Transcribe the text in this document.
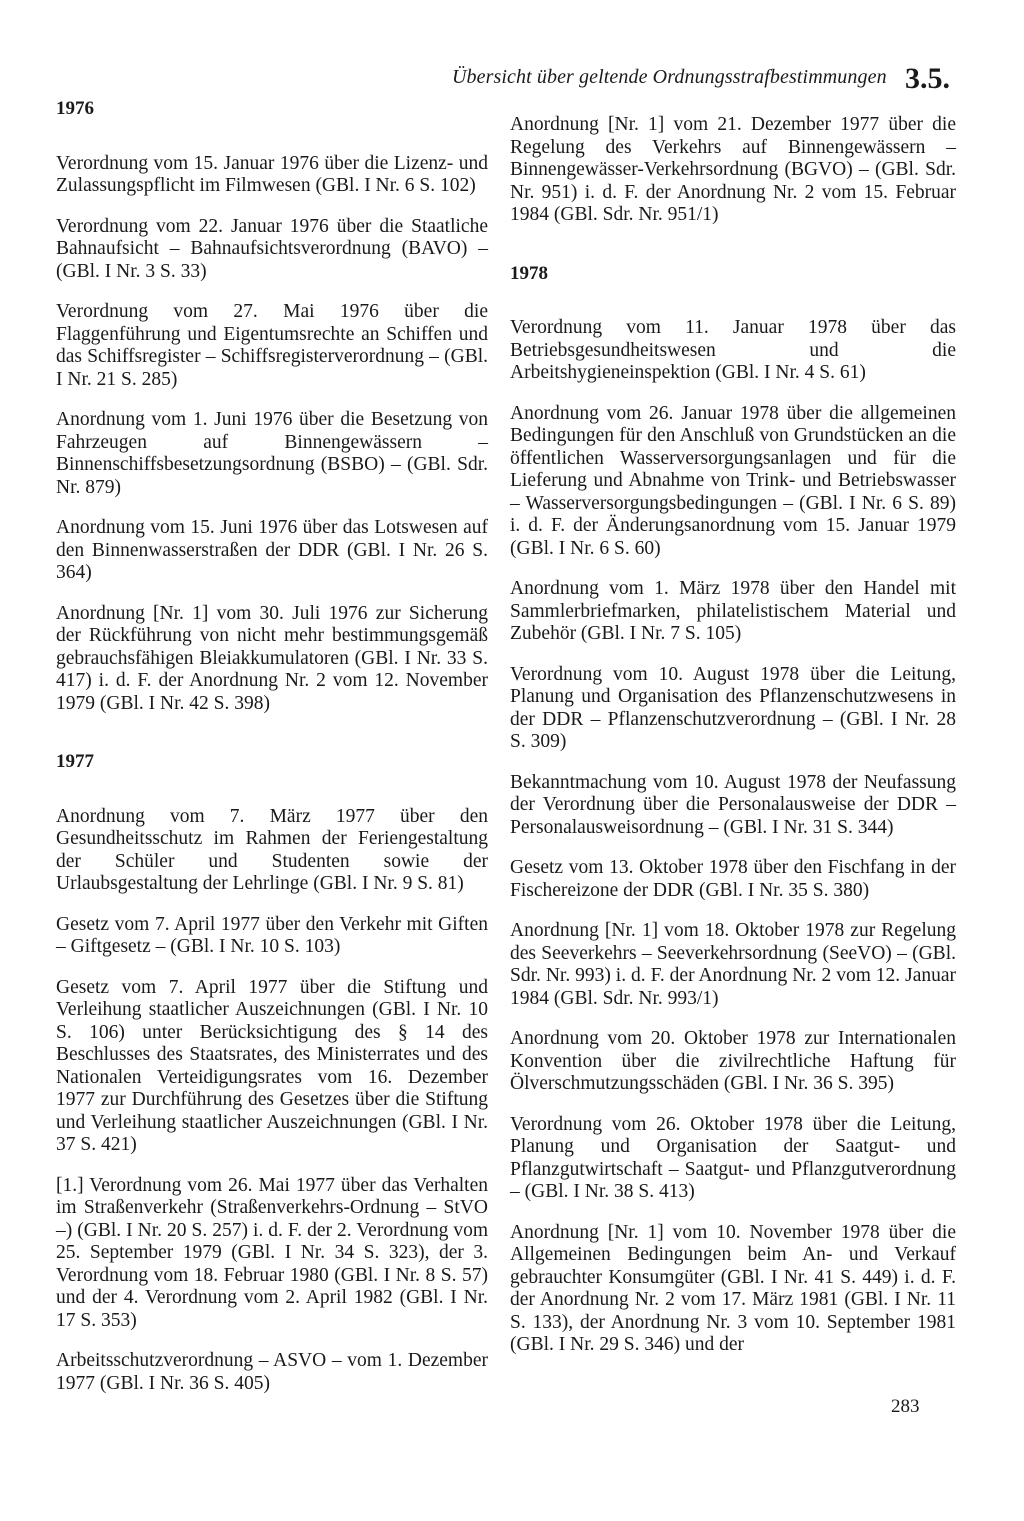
Übersicht über geltende Ordnungsstrafbestimmungen 3.5.
1976

Verordnung vom 15. Januar 1976 über die Lizenz- und Zulassungspflicht im Filmwesen (GBl. I Nr. 6 S. 102)

Verordnung vom 22. Januar 1976 über die Staatliche Bahnaufsicht – Bahnaufsichtsverordnung (BAVO) – (GBl. I Nr. 3 S. 33)

Verordnung vom 27. Mai 1976 über die Flaggenführung und Eigentumsrechte an Schiffen und das Schiffsregister – Schiffsregisterverordnung – (GBl. I Nr. 21 S. 285)

Anordnung vom 1. Juni 1976 über die Besetzung von Fahrzeugen auf Binnengewässern – Binnenschiffsbesetzungsordnung (BSBO) – (GBl. Sdr. Nr. 879)

Anordnung vom 15. Juni 1976 über das Lotswesen auf den Binnenwasserstraßen der DDR (GBl. I Nr. 26 S. 364)

Anordnung [Nr. 1] vom 30. Juli 1976 zur Sicherung der Rückführung von nicht mehr bestimmungsgemäß gebrauchsfähigen Bleiakkumulatoren (GBl. I Nr. 33 S. 417) i. d. F. der Anordnung Nr. 2 vom 12. November 1979 (GBl. I Nr. 42 S. 398)

1977

Anordnung vom 7. März 1977 über den Gesundheitsschutz im Rahmen der Feriengestaltung der Schüler und Studenten sowie der Urlaubsgestaltung der Lehrlinge (GBl. I Nr. 9 S. 81)

Gesetz vom 7. April 1977 über den Verkehr mit Giften – Giftgesetz – (GBl. I Nr. 10 S. 103)

Gesetz vom 7. April 1977 über die Stiftung und Verleihung staatlicher Auszeichnungen (GBl. I Nr. 10 S. 106) unter Berücksichtigung des § 14 des Beschlusses des Staatsrates, des Ministerrates und des Nationalen Verteidigungsrates vom 16. Dezember 1977 zur Durchführung des Gesetzes über die Stiftung und Verleihung staatlicher Auszeichnungen (GBl. I Nr. 37 S. 421)

[1.] Verordnung vom 26. Mai 1977 über das Verhalten im Straßenverkehr (Straßenverkehrs-Ordnung – StVO –) (GBl. I Nr. 20 S. 257) i. d. F. der 2. Verordnung vom 25. September 1979 (GBl. I Nr. 34 S. 323), der 3. Verordnung vom 18. Februar 1980 (GBl. I Nr. 8 S. 57) und der 4. Verordnung vom 2. April 1982 (GBl. I Nr. 17 S. 353)

Arbeitsschutzverordnung – ASVO – vom 1. Dezember 1977 (GBl. I Nr. 36 S. 405)

Anordnung [Nr. 1] vom 21. Dezember 1977 über die Regelung des Verkehrs auf Binnengewässern – Binnengewässer-Verkehrsordnung (BGVO) – (GBl. Sdr. Nr. 951) i. d. F. der Anordnung Nr. 2 vom 15. Februar 1984 (GBl. Sdr. Nr. 951/1)

1978

Verordnung vom 11. Januar 1978 über das Betriebsgesundheitswesen und die Arbeitshygieneinspektion (GBl. I Nr. 4 S. 61)

Anordnung vom 26. Januar 1978 über die allgemeinen Bedingungen für den Anschluß von Grundstücken an die öffentlichen Wasserversorgungsanlagen und für die Lieferung und Abnahme von Trink- und Betriebswasser – Wasserversorgungsbedingungen – (GBl. I Nr. 6 S. 89) i. d. F. der Änderungsanordnung vom 15. Januar 1979 (GBl. I Nr. 6 S. 60)

Anordnung vom 1. März 1978 über den Handel mit Sammlerbriefmarken, philatelistischem Material und Zubehör (GBl. I Nr. 7 S. 105)

Verordnung vom 10. August 1978 über die Leitung, Planung und Organisation des Pflanzenschutzwesens in der DDR – Pflanzenschutzverordnung – (GBl. I Nr. 28 S. 309)

Bekanntmachung vom 10. August 1978 der Neufassung der Verordnung über die Personalausweise der DDR – Personalausweisordnung – (GBl. I Nr. 31 S. 344)

Gesetz vom 13. Oktober 1978 über den Fischfang in der Fischereizone der DDR (GBl. I Nr. 35 S. 380)

Anordnung [Nr. 1] vom 18. Oktober 1978 zur Regelung des Seeverkehrs – Seeverkehrsordnung (SeeVO) – (GBl. Sdr. Nr. 993) i. d. F. der Anordnung Nr. 2 vom 12. Januar 1984 (GBl. Sdr. Nr. 993/1)

Anordnung vom 20. Oktober 1978 zur Internationalen Konvention über die zivilrechtliche Haftung für Ölverschmutzungsschäden (GBl. I Nr. 36 S. 395)

Verordnung vom 26. Oktober 1978 über die Leitung, Planung und Organisation der Saatgut- und Pflanzgutwirtschaft – Saatgut- und Pflanzgutverordnung – (GBl. I Nr. 38 S. 413)

Anordnung [Nr. 1] vom 10. November 1978 über die Allgemeinen Bedingungen beim An- und Verkauf gebrauchter Konsumgüter (GBl. I Nr. 41 S. 449) i. d. F. der Anordnung Nr. 2 vom 17. März 1981 (GBl. I Nr. 11 S. 133), der Anordnung Nr. 3 vom 10. September 1981 (GBl. I Nr. 29 S. 346) und der

283
